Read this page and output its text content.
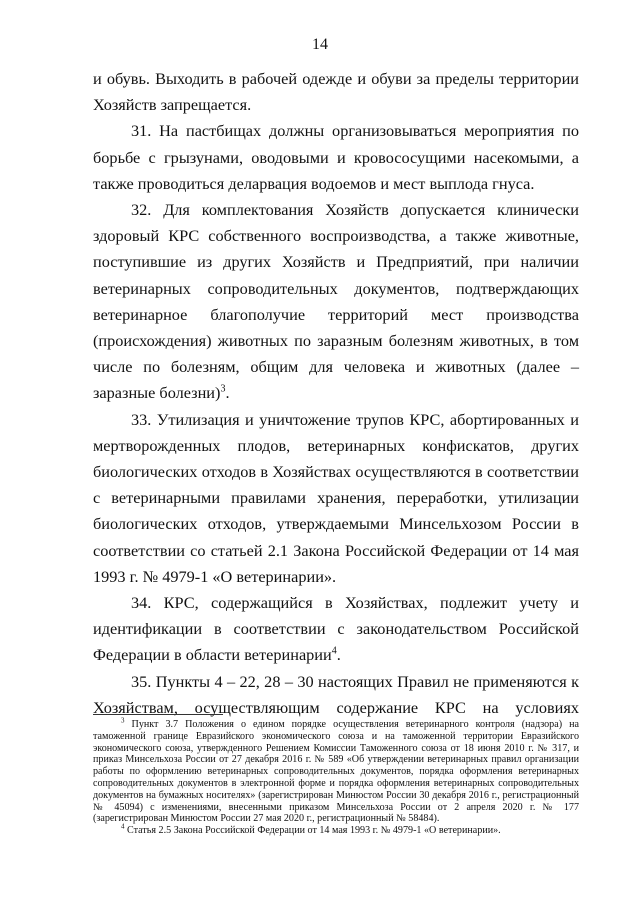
14

и обувь. Выходить в рабочей одежде и обуви за пределы территории Хозяйств запрещается.

31. На пастбищах должны организовываться мероприятия по борьбе с грызунами, оводовыми и кровососущими насекомыми, а также проводиться деларвация водоемов и мест выплода гнуса.

32. Для комплектования Хозяйств допускается клинически здоровый КРС собственного воспроизводства, а также животные, поступившие из других Хозяйств и Предприятий, при наличии ветеринарных сопроводительных документов, подтверждающих ветеринарное благополучие территорий мест производства (происхождения) животных по заразным болезням животных, в том числе по болезням, общим для человека и животных (далее – заразные болезни)$^3$.

33. Утилизация и уничтожение трупов КРС, абортированных и мертворожденных плодов, ветеринарных конфискатов, других биологических отходов в Хозяйствах осуществляются в соответствии с ветеринарными правилами хранения, переработки, утилизации биологических отходов, утверждаемыми Минсельхозом России в соответствии со статьей 2.1 Закона Российской Федерации от 14 мая 1993 г. № 4979-1 «О ветеринарии».

34. КРС, содержащийся в Хозяйствах, подлежит учету и идентификации в соответствии с законодательством Российской Федерации в области ветеринарии$^4$.

35. Пункты 4 – 22, 28 – 30 настоящих Правил не применяются к Хозяйствам, осуществляющим содержание КРС на условиях

$^3$ Пункт 3.7 Положения о едином порядке осуществления ветеринарного контроля (надзора) на таможенной границе Евразийского экономического союза и на таможенной территории Евразийского экономического союза, утвержденного Решением Комиссии Таможенного союза от 18 июня 2010 г. № 317, и приказ Минсельхоза России от 27 декабря 2016 г. № 589 «Об утверждении ветеринарных правил организации работы по оформлению ветеринарных сопроводительных документов, порядка оформления ветеринарных сопроводительных документов в электронной форме и порядка оформления ветеринарных сопроводительных документов на бумажных носителях» (зарегистрирован Минюстом России 30 декабря 2016 г., регистрационный № 45094) с изменениями, внесенными приказом Минсельхоза России от 2 апреля 2020 г. № 177 (зарегистрирован Минюстом России 27 мая 2020 г., регистрационный № 58484).

$^4$ Статья 2.5 Закона Российской Федерации от 14 мая 1993 г. № 4979-1 «О ветеринарии».
